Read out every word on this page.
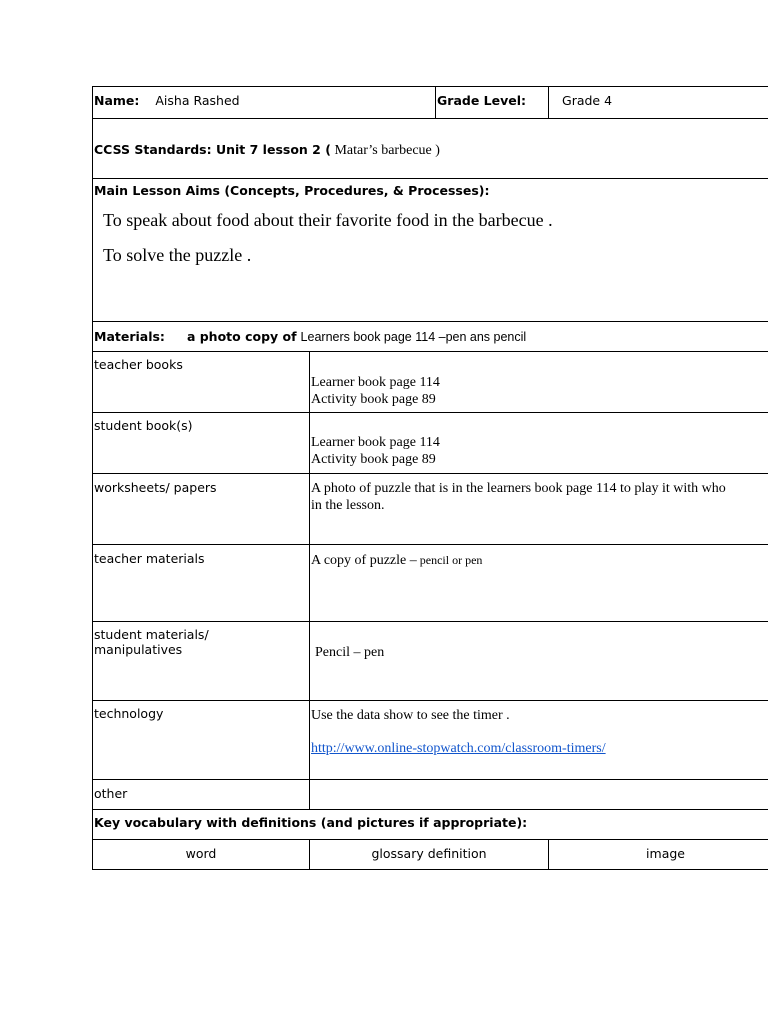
Name: Aisha Rashed		Grade Level:	Grade 4
CCSS Standards: Unit 7 lesson 2 ( Matar’s barbecue )			

Main Lesson Aims (Concepts, Procedures, & Processes):
To speak about food about their favorite food in the barbecue .
To solve the puzzle .			

Materials: a photo copy of Learners book page 114 –pen ans pencil			
teacher books	Learner book page 114
Activity book page 89		

student book(s)	Learner book page 114
Activity book page 89		

worksheets/ papers	A photo of puzzle that is in the learners book page 114 to play it with who
in the lesson.		

teacher materials	A copy of puzzle – pencil or pen		

student materials/
manipulatives	Pencil – pen		
technology	Use the data show to see the timer .
http://www.online-stopwatch.com/classroom-timers/		

other			
Key vocabulary with definitions (and pictures if appropriate):			
word	glossary definition		image
